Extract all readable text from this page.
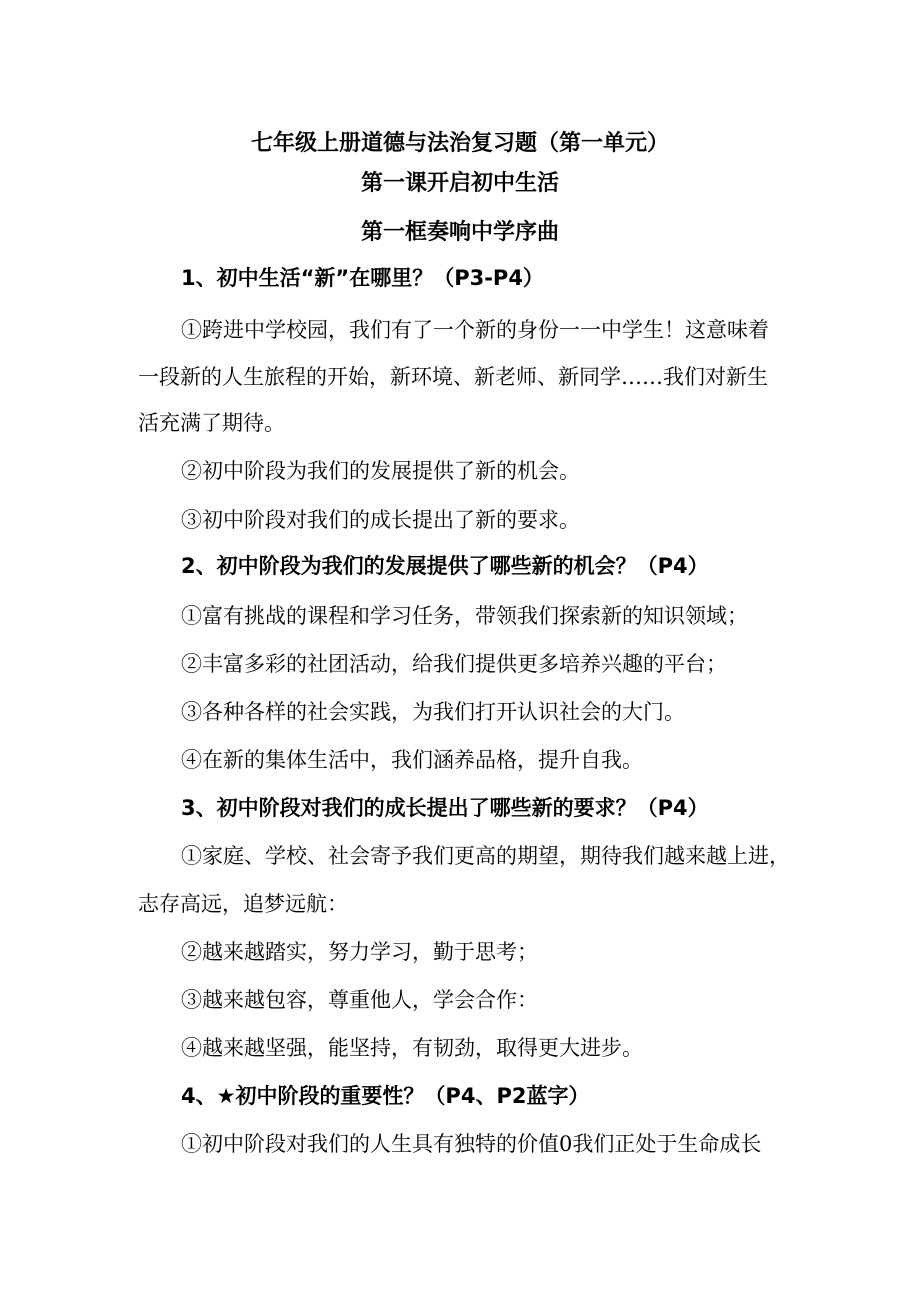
七年级上册道德与法治复习题（第一单元）
第一课开启初中生活
第一框奏响中学序曲
1、初中生活“新”在哪里？（P3-P4）
①跨进中学校园，我们有了一个新的身份一一中学生！这意味着
一段新的人生旅程的开始，新环境、新老师、新同学……我们对新生
活充满了期待。
②初中阶段为我们的发展提供了新的机会。
③初中阶段对我们的成长提出了新的要求。
2、初中阶段为我们的发展提供了哪些新的机会？（P4）
①富有挑战的课程和学习任务，带领我们探索新的知识领域；
②丰富多彩的社团活动，给我们提供更多培养兴趣的平台；
③各种各样的社会实践，为我们打开认识社会的大门。
④在新的集体生活中，我们涵养品格，提升自我。
3、初中阶段对我们的成长提出了哪些新的要求？（P4）
①家庭、学校、社会寄予我们更高的期望，期待我们越来越上进，
志存高远，追梦远航：
②越来越踏实，努力学习，勤于思考；
③越来越包容，尊重他人，学会合作：
④越来越坚强，能坚持，有韧劲，取得更大进步。
4、★初中阶段的重要性？（P4、P2蓝字）
①初中阶段对我们的人生具有独特的价值0我们正处于生命成长
